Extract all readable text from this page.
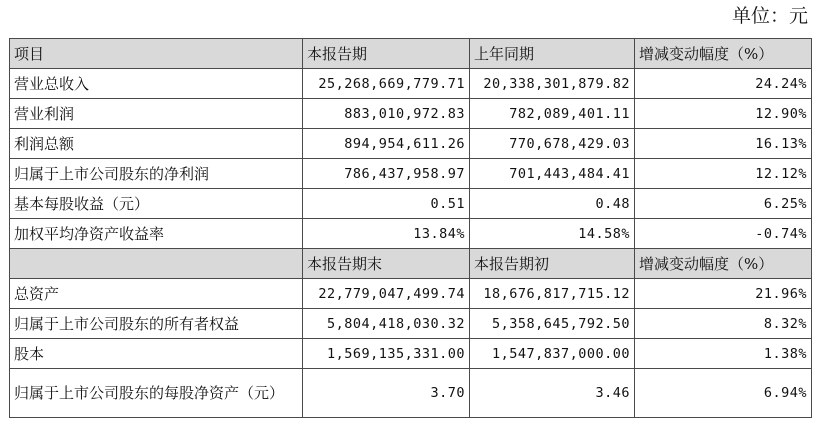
单位：元
项目	本报告期	上年同期	增减变动幅度（%）
营业总收入	25,268,669,779.71	20,338,301,879.82	24.24%
营业利润	883,010,972.83	782,089,401.11	12.90%
利润总额	894,954,611.26	770,678,429.03	16.13%
归属于上市公司股东的净利润	786,437,958.97	701,443,484.41	12.12%
基本每股收益（元）	0.51	0.48	6.25%
加权平均净资产收益率	13.84%	14.58%	-0.74%
	本报告期末	本报告期初	增减变动幅度（%）
总资产	22,779,047,499.74	18,676,817,715.12	21.96%
归属于上市公司股东的所有者权益	5,804,418,030.32	5,358,645,792.50	8.32%
股本	1,569,135,331.00	1,547,837,000.00	1.38%
归属于上市公司股东的每股净资产（元）	3.70	3.46	6.94%
